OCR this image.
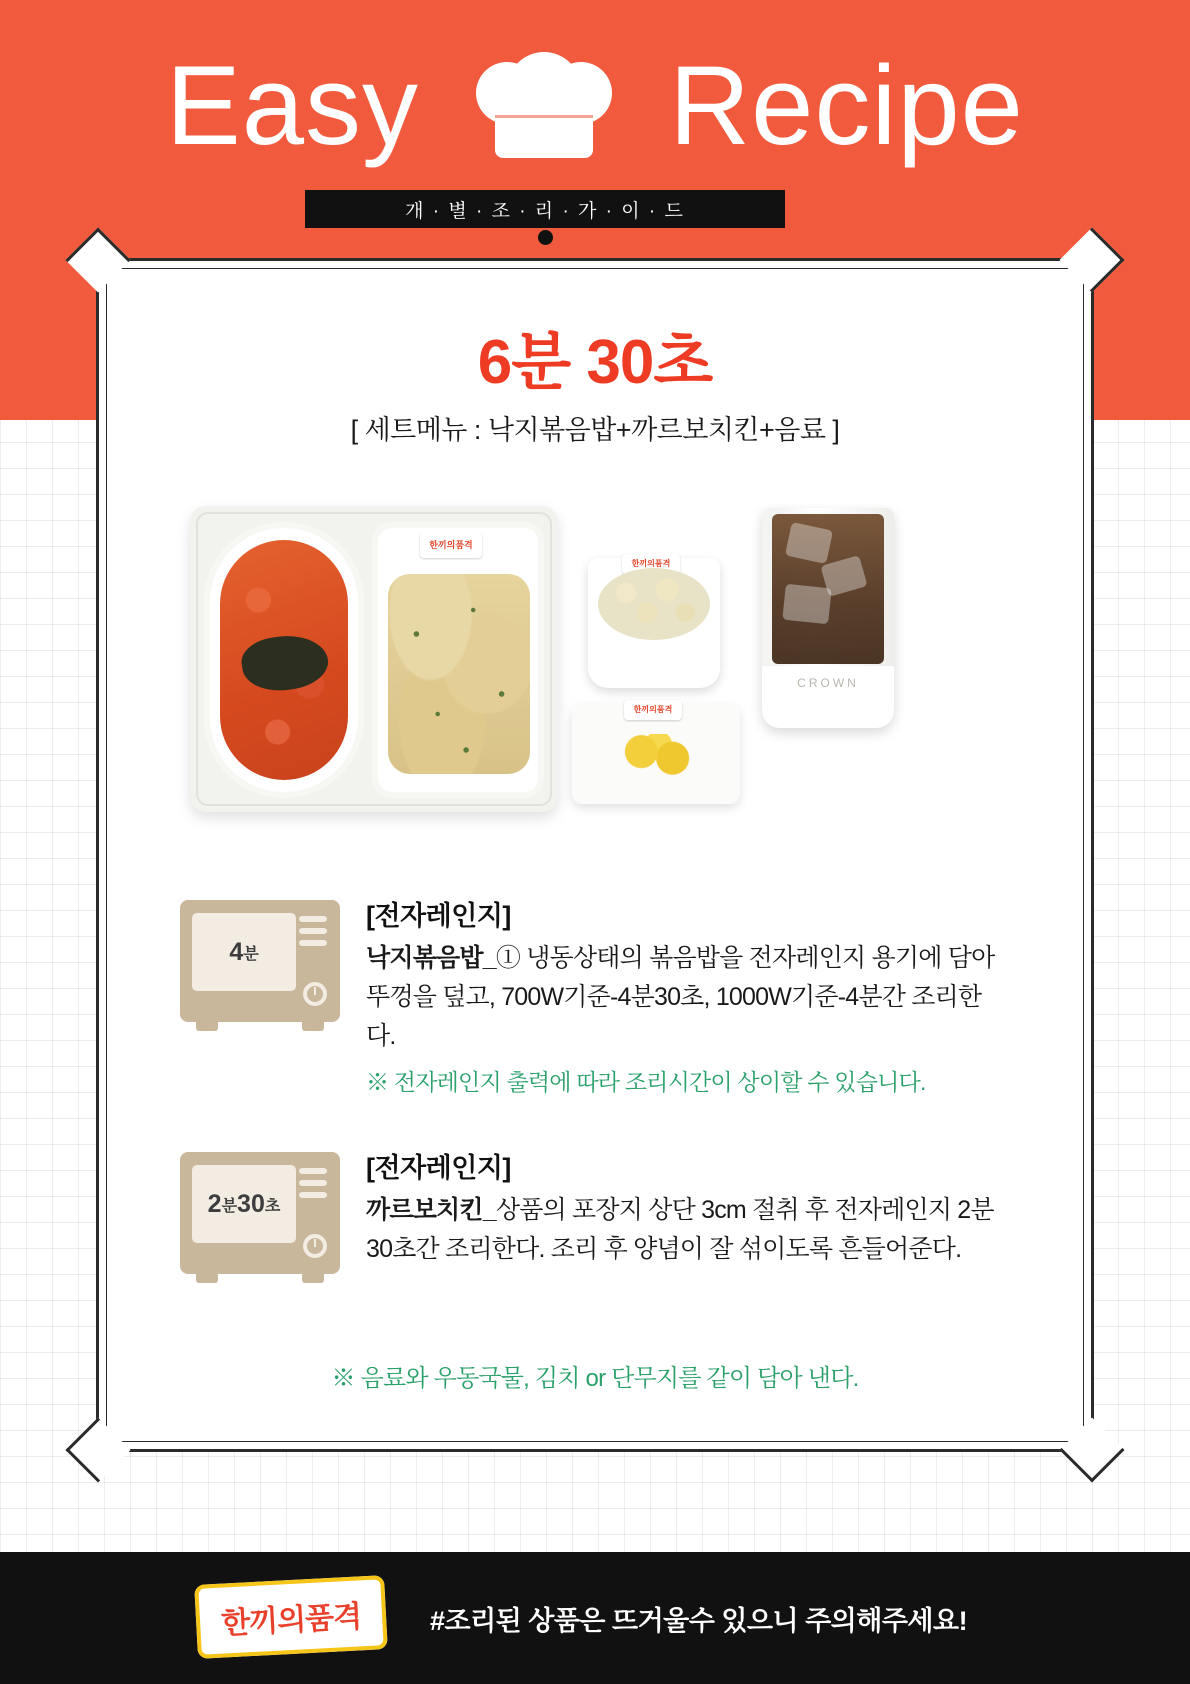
Easy Recipe
개 · 별 · 조 · 리 · 가 · 이 · 드
6분 30초
[ 세트메뉴 : 낙지볶음밥+까르보치킨+음료 ]
한끼의품격
한끼의품격
한끼의품격
CROWN
4 분
[전자레인지]
낙지볶음밥_① 냉동상태의 볶음밥을 전자레인지 용기에 담아 뚜껑을 덮고, 700W기준-4분30초, 1000W기준-4분간 조리한다.
※ 전자레인지 출력에 따라 조리시간이 상이할 수 있습니다.
2 분 30 초
[전자레인지]
까르보치킨_상품의 포장지 상단 3cm 절취 후 전자레인지 2분 30초간 조리한다. 조리 후 양념이 잘 섞이도록 흔들어준다.
※ 음료와 우동국물, 김치 or 단무지를 같이 담아 낸다.
한끼의품격	#조리된 상품은 뜨거울수 있으니 주의해주세요!
